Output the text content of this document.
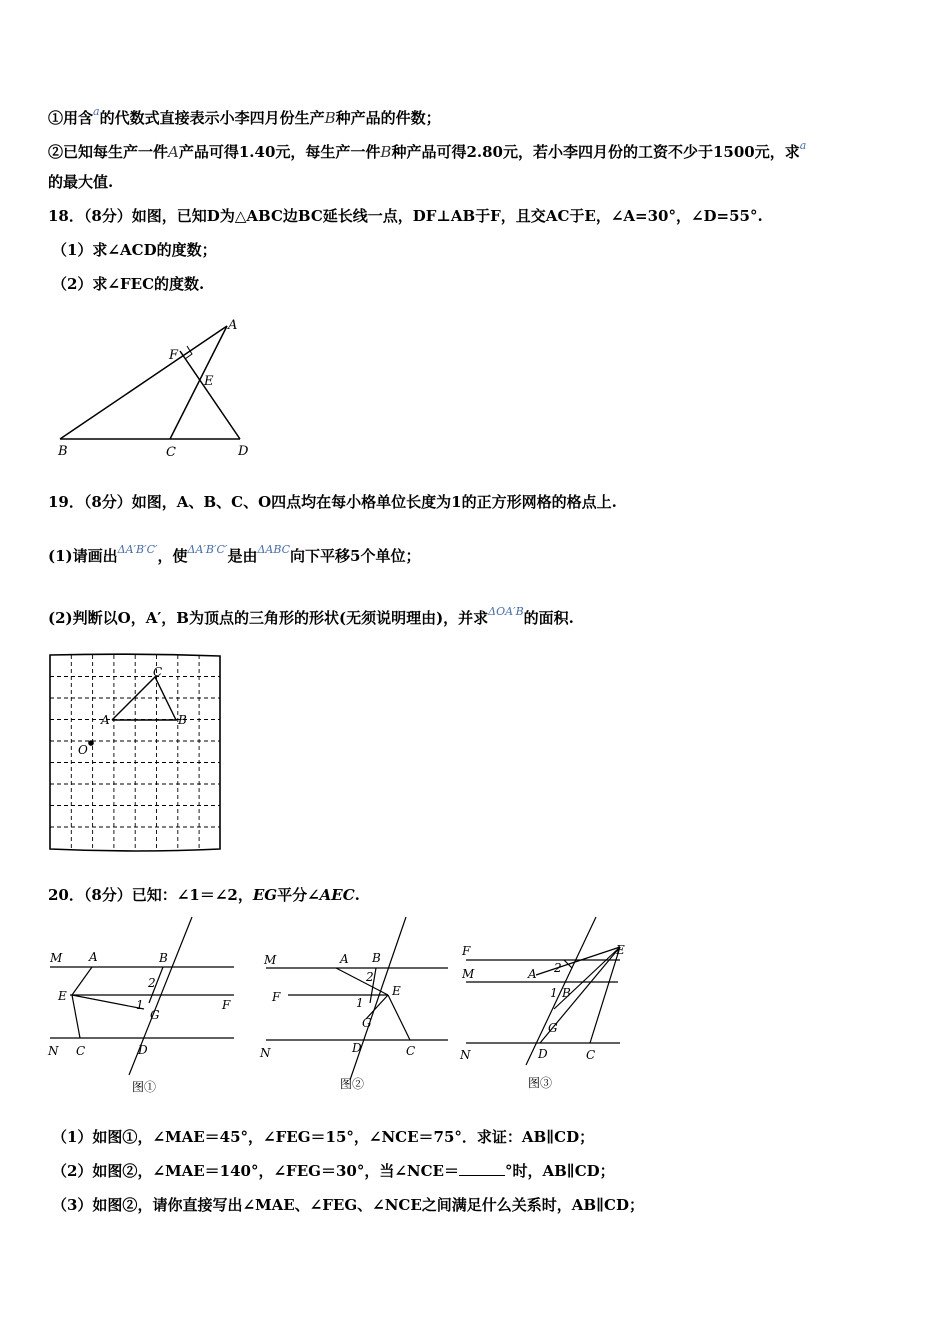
①用含$^a$的代数式直接表示小李四月份生产B种产品的件数；
②已知每生产一件A产品可得1.40元，每生产一件B种产品可得2.80元，若小李四月份的工资不少于1500元，求$^a$
的最大值.
18．（8分）如图，已知D为△ABC边BC延长线一点，DF⊥AB于F，且交AC于E，∠A=30°，∠D=55°.
（1）求∠ACD的度数；
（2）求∠FEC的度数.
A
F
E
B	C	D
19．（8分）如图，A、B、C、O四点均在每小格单位长度为1的正方形网格的格点上.
(1)请画出$^{\Delta A'B'C'}$，使$^{\Delta A'B'C'}$是由$^{\Delta ABC}$向下平移5个单位；
(2)判断以O，A′，B为顶点的三角形的形状(无须说明理由)，并求$^{\Delta OA'B}$的面积.
A	B
C
O
20．（8分）已知：∠1＝∠2，EG平分∠AEC.
M A	B
2
E
F
1
G
N C	D
图①
M	A B
2
F	E
1
G
N	D	C
图②
F
M	A 2
E
1 B
G
N	D	C
图③
（1）如图①，∠MAE＝45°，∠FEG＝15°，∠NCE＝75°．求证：AB∥CD；
（2）如图②，∠MAE＝140°，∠FEG＝30°，当∠NCE＝	°时，AB∥CD；
（3）如图②，请你直接写出∠MAE、∠FEG、∠NCE之间满足什么关系时，AB∥CD；
